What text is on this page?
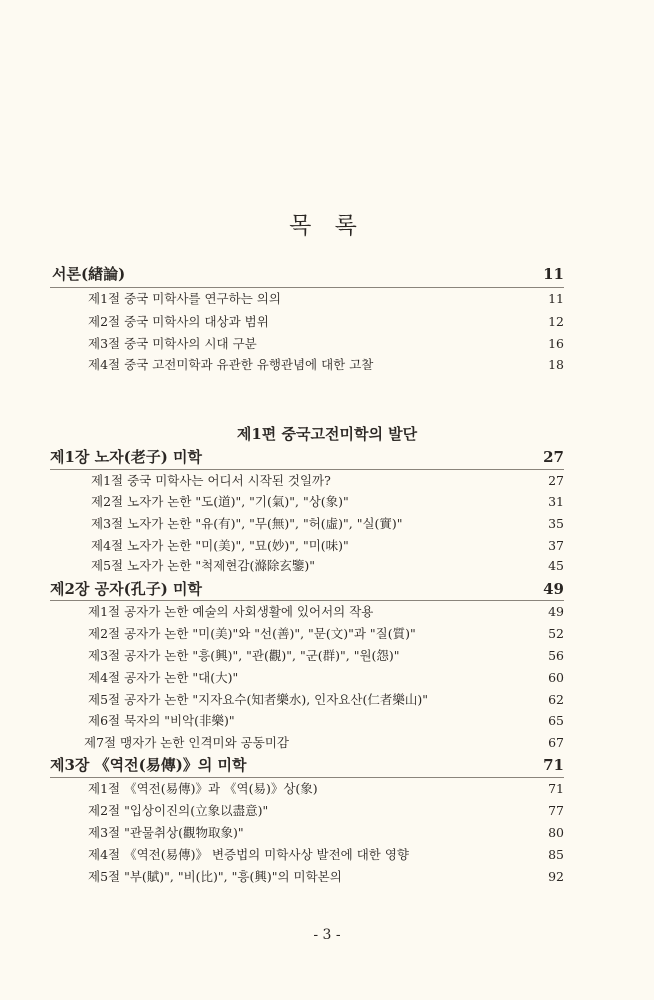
목 록
서론(緖論)	11
제1절 중국 미학사를 연구하는 의의	11
제2절 중국 미학사의 대상과 범위	12
제3절 중국 미학사의 시대 구분	16
제4절 중국 고전미학과 유관한 유행관념에 대한 고찰	18
제1편 중국고전미학의 발단
제1장 노자(老子) 미학	27
제1절 중국 미학사는 어디서 시작된 것일까?	27
제2절 노자가 논한 "도(道)", "기(氣)", "상(象)"	31
제3절 노자가 논한 "유(有)", "무(無)", "허(虛)", "실(實)"	35
제4절 노자가 논한 "미(美)", "묘(妙)", "미(味)"	37
제5절 노자가 논한 "척제현감(滌除玄鑒)"	45
제2장 공자(孔子) 미학	49
제1절 공자가 논한 예술의 사회생활에 있어서의 작용	49
제2절 공자가 논한 "미(美)"와 "선(善)", "문(文)"과 "질(質)"	52
제3절 공자가 논한 "흥(興)", "관(觀)", "군(群)", "원(怨)"	56
제4절 공자가 논한 "대(大)"	60
제5절 공자가 논한 "지자요수(知者樂水), 인자요산(仁者樂山)"	62
제6절 묵자의 "비악(非樂)"	65
제7절 맹자가 논한 인격미와 공동미감	67
제3장 《역전(易傳)》의 미학	71
제1절 《역전(易傳)》과 《역(易)》상(象)	71
제2절 "입상이진의(立象以盡意)"	77
제3절 "관물취상(觀物取象)"	80
제4절 《역전(易傳)》 변증법의 미학사상 발전에 대한 영향	85
제5절 "부(賦)", "비(比)", "흥(興)"의 미학본의	92
- 3 -
